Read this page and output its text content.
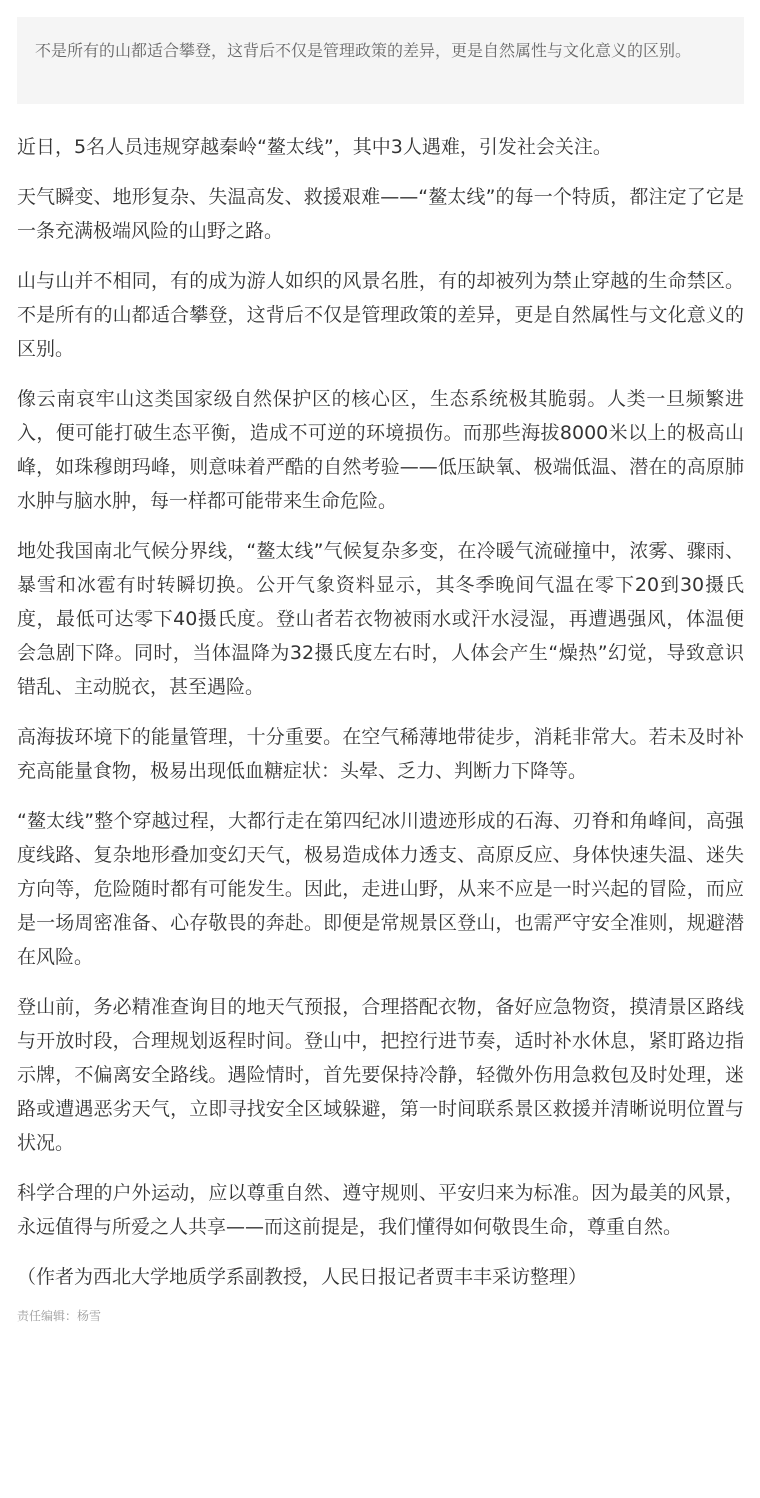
不是所有的山都适合攀登，这背后不仅是管理政策的差异，更是自然属性与文化意义的区别。

近日，5名人员违规穿越秦岭“鳌太线”，其中3人遇难，引发社会关注。

天气瞬变、地形复杂、失温高发、救援艰难——“鳌太线”的每一个特质，都注定了它是一条充满极端风险的山野之路。

山与山并不相同，有的成为游人如织的风景名胜，有的却被列为禁止穿越的生命禁区。不是所有的山都适合攀登，这背后不仅是管理政策的差异，更是自然属性与文化意义的区别。

像云南哀牢山这类国家级自然保护区的核心区，生态系统极其脆弱。人类一旦频繁进入，便可能打破生态平衡，造成不可逆的环境损伤。而那些海拔8000米以上的极高山峰，如珠穆朗玛峰，则意味着严酷的自然考验——低压缺氧、极端低温、潜在的高原肺水肿与脑水肿，每一样都可能带来生命危险。

地处我国南北气候分界线，“鳌太线”气候复杂多变，在冷暖气流碰撞中，浓雾、骤雨、暴雪和冰雹有时转瞬切换。公开气象资料显示，其冬季晚间气温在零下20到30摄氏度，最低可达零下40摄氏度。登山者若衣物被雨水或汗水浸湿，再遭遇强风，体温便会急剧下降。同时，当体温降为32摄氏度左右时，人体会产生“燥热”幻觉，导致意识错乱、主动脱衣，甚至遇险。

高海拔环境下的能量管理，十分重要。在空气稀薄地带徒步，消耗非常大。若未及时补充高能量食物，极易出现低血糖症状：头晕、乏力、判断力下降等。

“鳌太线”整个穿越过程，大都行走在第四纪冰川遗迹形成的石海、刃脊和角峰间，高强度线路、复杂地形叠加变幻天气，极易造成体力透支、高原反应、身体快速失温、迷失方向等，危险随时都有可能发生。因此，走进山野，从来不应是一时兴起的冒险，而应是一场周密准备、心存敬畏的奔赴。即便是常规景区登山，也需严守安全准则，规避潜在风险。

登山前，务必精准查询目的地天气预报，合理搭配衣物，备好应急物资，摸清景区路线与开放时段，合理规划返程时间。登山中，把控行进节奏，适时补水休息，紧盯路边指示牌，不偏离安全路线。遇险情时，首先要保持冷静，轻微外伤用急救包及时处理，迷路或遭遇恶劣天气，立即寻找安全区域躲避，第一时间联系景区救援并清晰说明位置与状况。

科学合理的户外运动，应以尊重自然、遵守规则、平安归来为标准。因为最美的风景，永远值得与所爱之人共享——而这前提是，我们懂得如何敬畏生命，尊重自然。

（作者为西北大学地质学系副教授，人民日报记者贾丰丰采访整理）

责任编辑：杨雪
